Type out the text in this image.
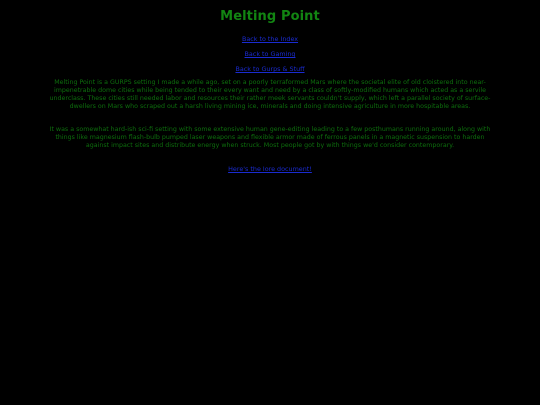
Melting Point
Back to the Index
Back to Gaming
Back to Gurps & Stuff

Melting Point is a GURPS setting I made a while ago, set on a poorly terraformed Mars where the societal elite of old cloistered into near-impenetrable dome cities while being tended to their every want and need by a class of softly-modified humans which acted as a servile underclass. These cities still needed labor and resources their rather meek servants couldn't supply, which left a parallel society of surface-dwellers on Mars who scraped out a harsh living mining ice, minerals and doing intensive agriculture in more hospitable areas.

It was a somewhat hard-ish sci-fi setting with some extensive human gene-editing leading to a few posthumans running around, along with things like magnesium flash-bulb pumped laser weapons and flexible armor made of ferrous panels in a magnetic suspension to harden against impact sites and distribute energy when struck. Most people got by with things we'd consider contemporary.

Here's the lore document!
